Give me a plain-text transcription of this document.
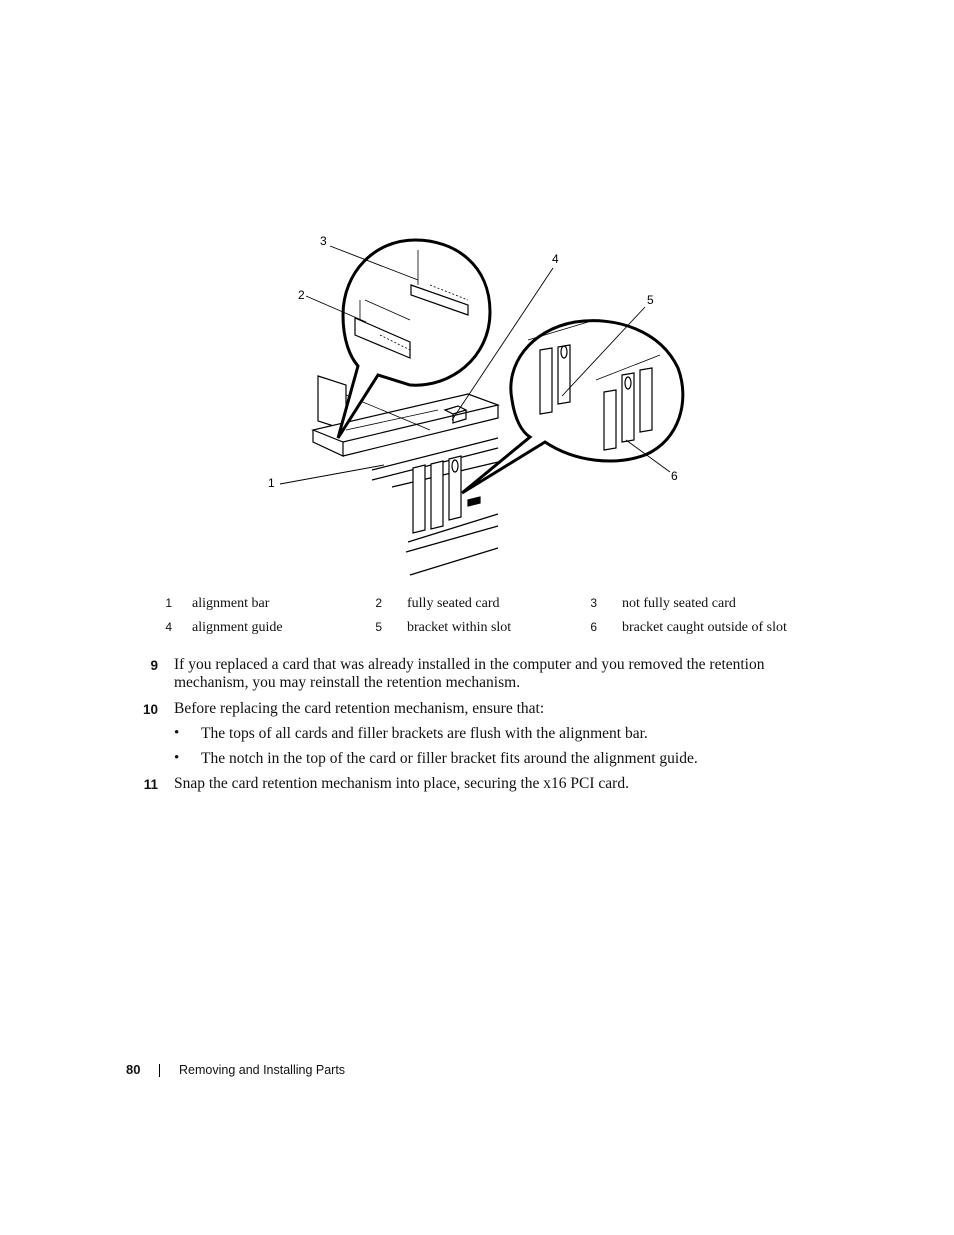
1
2
3
4
5
6
1 alignment bar	2 fully seated card	3 not fully seated card
4 alignment guide	5 bracket within slot	6 bracket caught outside of slot
9 If you replaced a card that was already installed in the computer and you removed the retention mechanism, you may reinstall the retention mechanism.
10 Before replacing the card retention mechanism, ensure that:
• The tops of all cards and filler brackets are flush with the alignment bar.
• The notch in the top of the card or filler bracket fits around the alignment guide.
11 Snap the card retention mechanism into place, securing the x16 PCI card.
80	Removing and Installing Parts
